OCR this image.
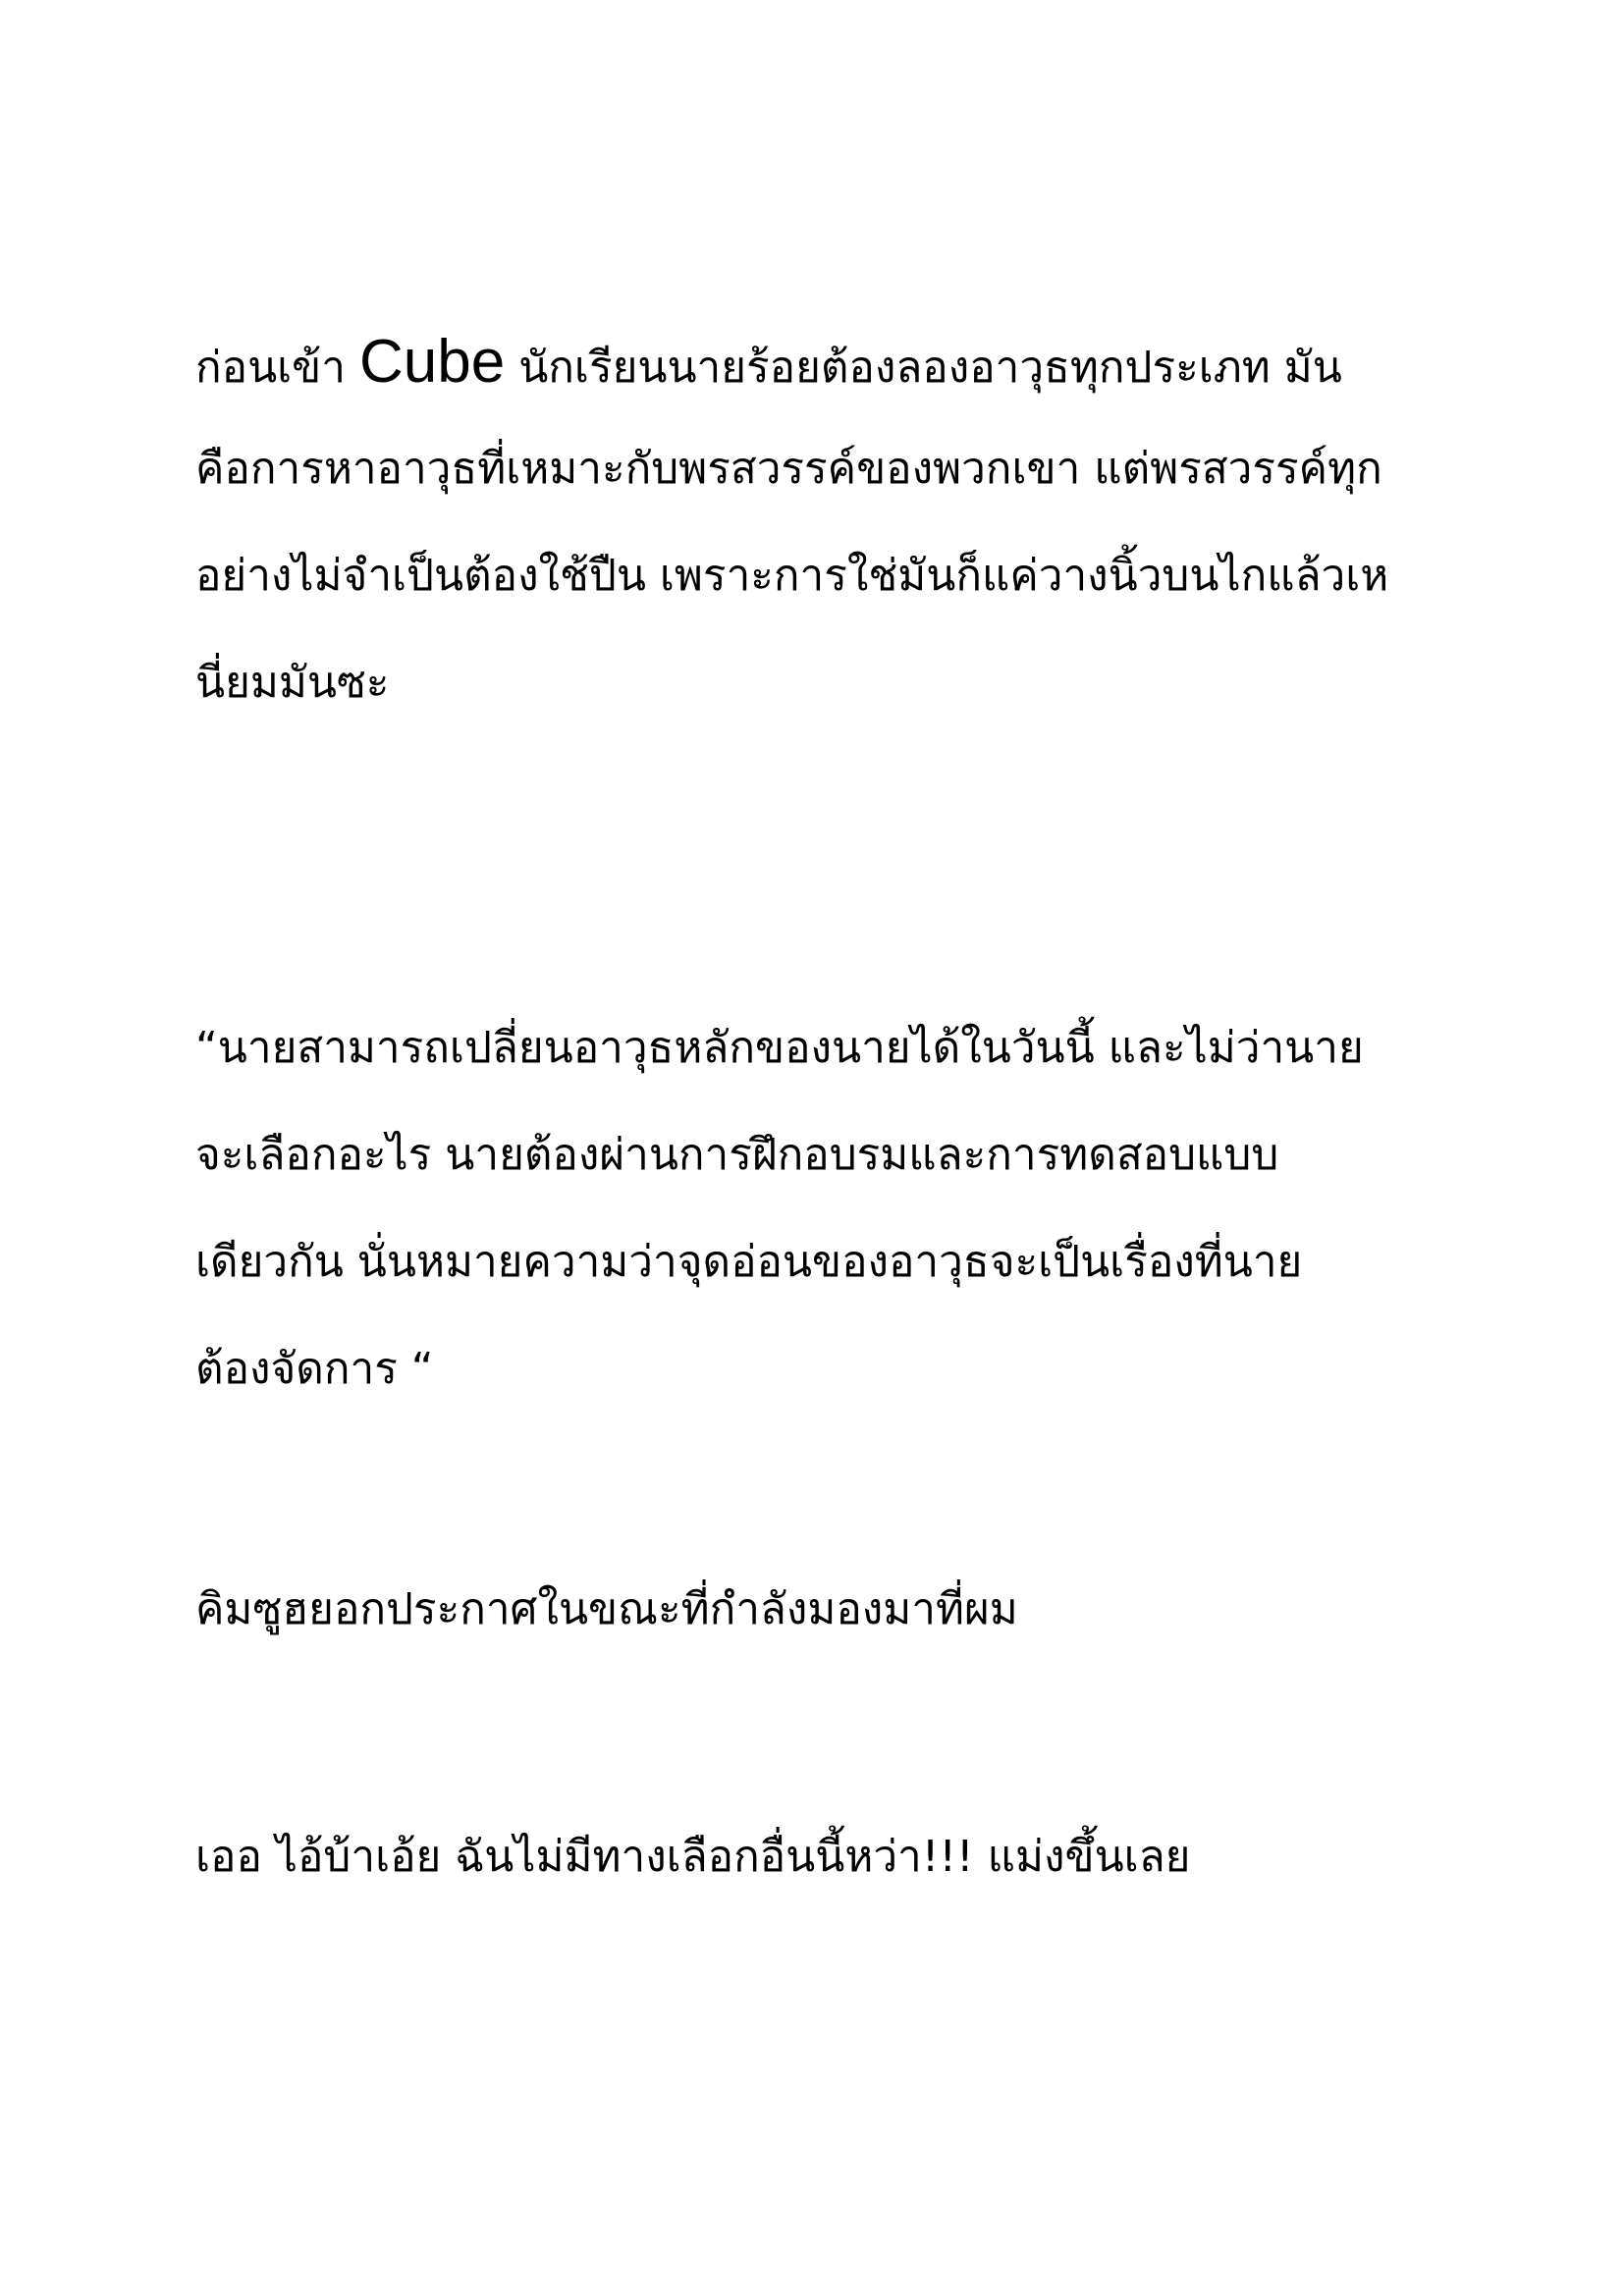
ก่อนเข้า Cube นักเรียนนายร้อยต้องลองอาวุธทุกประเภท มัน
คือการหาอาวุธที่เหมาะกับพรสวรรค์ของพวกเขา แต่พรสวรรค์ทุก
อย่างไม่จำเป็นต้องใช้ปืน เพราะการใช่มันก็แค่วางนิ้วบนไกแล้วเห
นี่ยมมันซะ
“นายสามารถเปลี่ยนอาวุธหลักของนายได้ในวันนี้ และไม่ว่านาย
จะเลือกอะไร นายต้องผ่านการฝึกอบรมและการทดสอบแบบ
เดียวกัน นั่นหมายความว่าจุดอ่อนของอาวุธจะเป็นเรื่องที่นาย
ต้องจัดการ “
คิมซูฮยอกประกาศในขณะที่กำลังมองมาที่ผม
เออ ไอ้บ้าเอ้ย ฉันไม่มีทางเลือกอื่นนี้หว่า!!! แม่งขึ้นเลย
